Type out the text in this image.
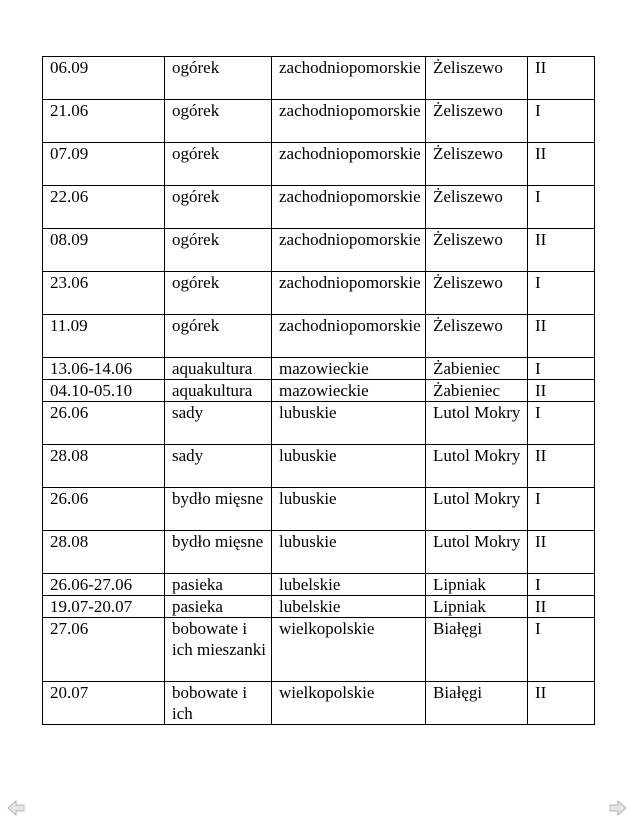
06.09	ogórek	zachodniopomorskie	Żeliszewo	II
21.06	ogórek	zachodniopomorskie	Żeliszewo	I
07.09	ogórek	zachodniopomorskie	Żeliszewo	II
22.06	ogórek	zachodniopomorskie	Żeliszewo	I
08.09	ogórek	zachodniopomorskie	Żeliszewo	II
23.06	ogórek	zachodniopomorskie	Żeliszewo	I
11.09	ogórek	zachodniopomorskie	Żeliszewo	II
13.06-14.06	aquakultura	mazowieckie	Żabieniec	I
04.10-05.10	aquakultura	mazowieckie	Żabieniec	II
26.06	sady	lubuskie	Lutol Mokry	I
28.08	sady	lubuskie	Lutol Mokry	II
26.06	bydło mięsne	lubuskie	Lutol Mokry	I
28.08	bydło mięsne	lubuskie	Lutol Mokry	II
26.06-27.06	pasieka	lubelskie	Lipniak	I
19.07-20.07	pasieka	lubelskie	Lipniak	II
27.06	bobowate i ich mieszanki	wielkopolskie	Białęgi	I
20.07	bobowate i ich	wielkopolskie	Białęgi	II
